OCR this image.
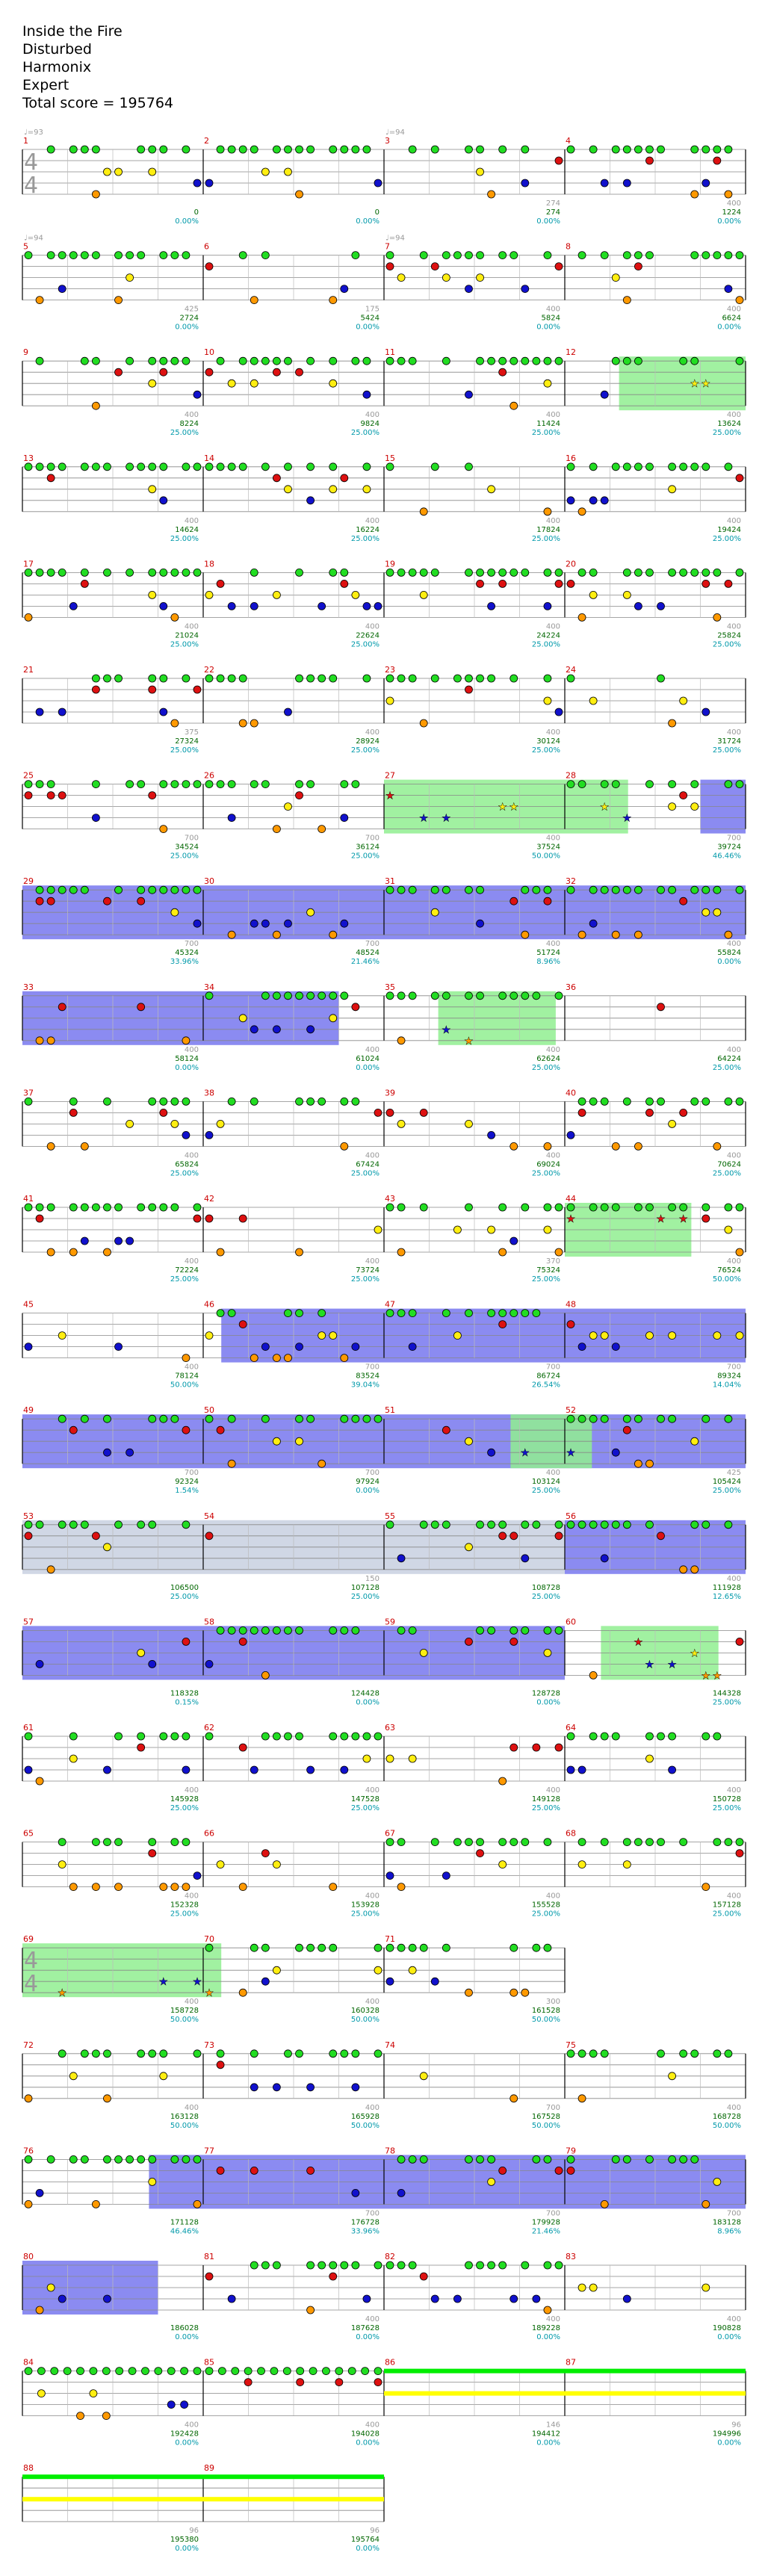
Inside the Fire
Disturbed
Harmonix
Expert
Total score = 195764
4
4
♩=93	♩=94
1
0
0.00%
2
0
0.00%
3
274
274
0.00%
4
400
1224
0.00%
♩=94	♩=94
5
425
2724
0.00%
6
175
5424
0.00%
7
400
5824
0.00%
8
400
6624
0.00%
★ ★
9
400
8224
25.00%
10
400
9824
25.00%
11
400
11424
25.00%
12
400
13624
25.00%
13
400
14624
25.00%
14
400
16224
25.00%
15
400
17824
25.00%
16
400
19424
25.00%
17
400
21024
25.00%
18
400
22624
25.00%
19
400
24224
25.00%
20
400
25824
25.00%
21
375
27324
25.00%
22
400
28924
25.00%
23
400
30124
25.00%
24
400
31724
25.00%
★
★ ★
★ ★	★
★
25
700
34524
25.00%
26
700
36124
25.00%
27
400
37524
50.00%
28
700
39724
46.46%
29
700
45324
33.96%
30
700
48524
21.46%
31
400
51724
8.96%
32
400
55824
0.00%
★
★
33
400
58124
0.00%
34
400
61024
0.00%
35
400
62624
25.00%
36
400
64224
25.00%
37
400
65824
25.00%
38
400
67424
25.00%
39
400
69024
25.00%
40
400
70624
25.00%
★	★ ★
41
400
72224
25.00%
42
400
73724
25.00%
43
370
75324
25.00%
44
400
76524
50.00%
45
400
78124
50.00%
46
700
83524
39.04%
47
700
86724
26.54%
48
700
89324
14.04%
★	★
49
700
92324
1.54%
50
700
97924
0.00%
51
400
103124
25.00%
52
425
105424
25.00%
53
106500
25.00%
54
150
107128
25.00%
55
108728
25.00%
56
400
111928
12.65%
★
★ ★
★
★ ★
57
118328
0.15%
58
124428
0.00%
59
128728
0.00%
60
144328
25.00%
61
400
145928
25.00%
62
400
147528
25.00%
63
400
149128
25.00%
64
400
150728
25.00%
65
400
152328
25.00%
66
400
153928
25.00%
67
400
155528
25.00%
68
400
157128
25.00%
★
★ ★
★
4
4
69
400
158728
50.00%
70
400
160328
50.00%
71
300
161528
50.00%
72
400
163128
50.00%
73
400
165928
50.00%
74
700
167528
50.00%
75
400
168728
50.00%
76
171128
46.46%
77
700
176728
33.96%
78
700
179928
21.46%
79
700
183128
8.96%
80
186028
0.00%
81
400
187628
0.00%
82
400
189228
0.00%
83
400
190828
0.00%
84
400
192428
0.00%
85
400
194028
0.00%
86
146
194412
0.00%
87
96
194996
0.00%
88
96
195380
0.00%
89
96
195764
0.00%
